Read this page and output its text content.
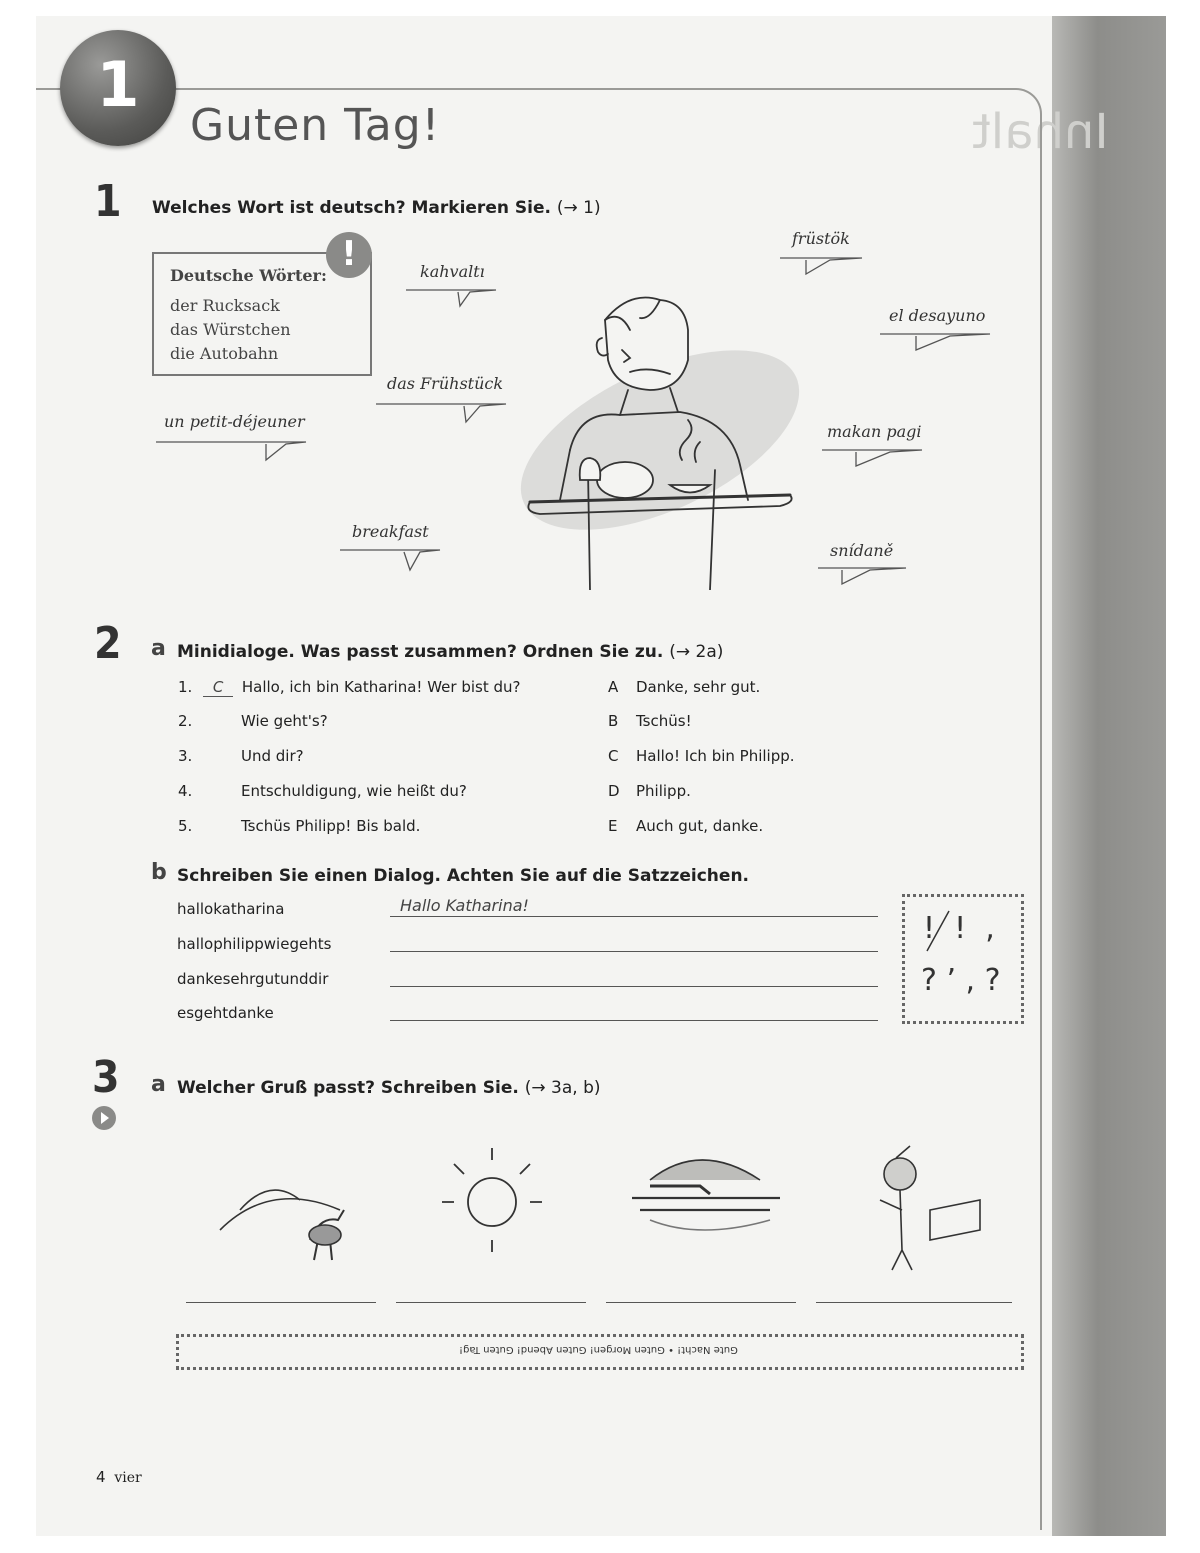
Inhalt
1
Guten Tag!
1 Welches Wort ist deutsch? Markieren Sie. (→ 1)
Deutsche Wörter:
der Rucksack
das Würstchen
die Autobahn
!	kahvaltı
früstök
el desayuno
das Frühstück
un petit-déjeuner
makan pagi
breakfast
snídaně
2 a Minidialoge. Was passt zusammen? Ordnen Sie zu. (→ 2a)
1. C Hallo, ich bin Katharina! Wer bist du?
2.	Wie geht's?
3.	Und dir?
4.	Entschuldigung, wie heißt du?
5.	Tschüs Philipp! Bis bald.
A Danke, sehr gut.
B Tschüs!
C Hallo! Ich bin Philipp.
D Philipp.
E Auch gut, danke.
b Schreiben Sie einen Dialog. Achten Sie auf die Satzzeichen.
hallokatharina
hallophilippwiegehts
dankesehrgutunddir
esgehtdanke
Hallo Katharina!
!  !  ,
? ’ , ?
3 a Welcher Gruß passt? Schreiben Sie. (→ 3a, b)
Gute Nacht! • Guten Morgen! Guten Abend! Guten Tag!
4 vier
